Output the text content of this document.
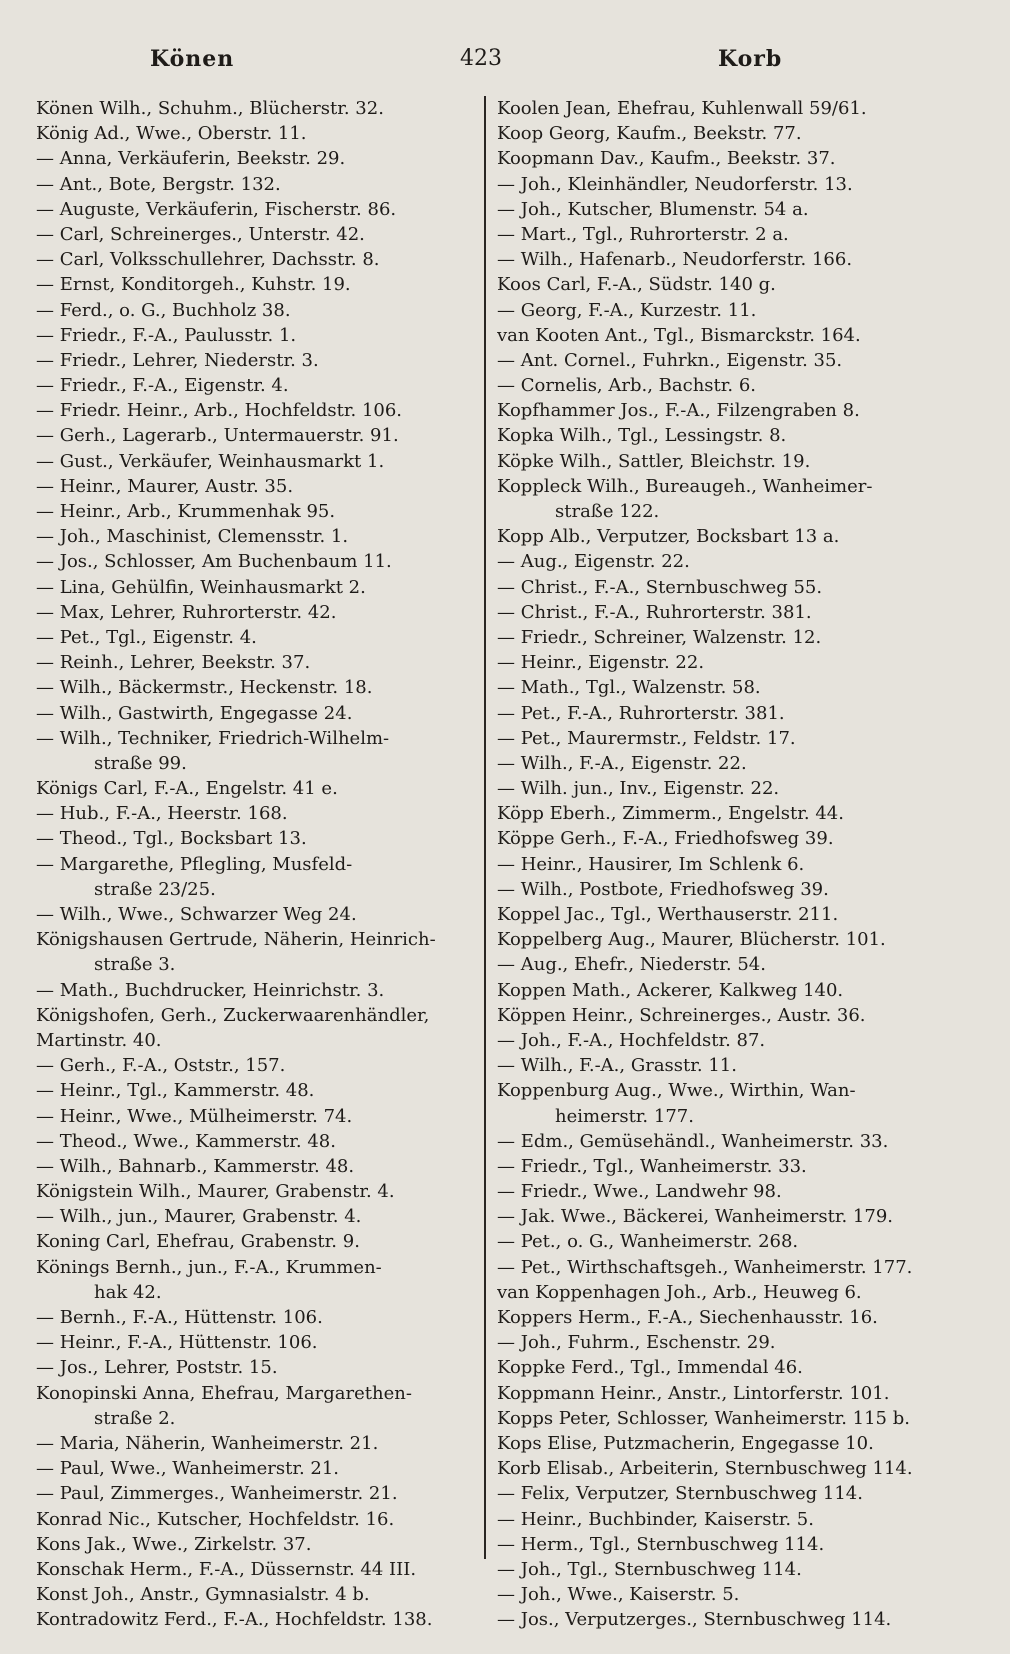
Könen	423	Korb
Könen Wilh., Schuhm., Blücherstr. 32.
König Ad., Wwe., Oberstr. 11.
— Anna, Verkäuferin, Beekstr. 29.
— Ant., Bote, Bergstr. 132.
— Auguste, Verkäuferin, Fischerstr. 86.
— Carl, Schreinerges., Unterstr. 42.
— Carl, Volksschullehrer, Dachsstr. 8.
— Ernst, Konditorgeh., Kuhstr. 19.
— Ferd., o. G., Buchholz 38.
— Friedr., F.-A., Paulusstr. 1.
— Friedr., Lehrer, Niederstr. 3.
— Friedr., F.-A., Eigenstr. 4.
— Friedr. Heinr., Arb., Hochfeldstr. 106.
— Gerh., Lagerarb., Untermauerstr. 91.
— Gust., Verkäufer, Weinhausmarkt 1.
— Heinr., Maurer, Austr. 35.
— Heinr., Arb., Krummenhak 95.
— Joh., Maschinist, Clemensstr. 1.
— Jos., Schlosser, Am Buchenbaum 11.
— Lina, Gehülfin, Weinhausmarkt 2.
— Max, Lehrer, Ruhrorterstr. 42.
— Pet., Tgl., Eigenstr. 4.
— Reinh., Lehrer, Beekstr. 37.
— Wilh., Bäckermstr., Heckenstr. 18.
— Wilh., Gastwirth, Engegasse 24.
— Wilh., Techniker, Friedrich-Wilhelm-
straße 99.
Königs Carl, F.-A., Engelstr. 41 e.
— Hub., F.-A., Heerstr. 168.
— Theod., Tgl., Bocksbart 13.
— Margarethe, Pflegling, Musfeld-
straße 23/25.
— Wilh., Wwe., Schwarzer Weg 24.
Königshausen Gertrude, Näherin, Heinrich-
straße 3.
— Math., Buchdrucker, Heinrichstr. 3.
Königshofen, Gerh., Zuckerwaarenhändler,
Martinstr. 40.
— Gerh., F.-A., Oststr., 157.
— Heinr., Tgl., Kammerstr. 48.
— Heinr., Wwe., Mülheimerstr. 74.
— Theod., Wwe., Kammerstr. 48.
— Wilh., Bahnarb., Kammerstr. 48.
Königstein Wilh., Maurer, Grabenstr. 4.
— Wilh., jun., Maurer, Grabenstr. 4.
Koning Carl, Ehefrau, Grabenstr. 9.
Könings Bernh., jun., F.-A., Krummen-
hak 42.
— Bernh., F.-A., Hüttenstr. 106.
— Heinr., F.-A., Hüttenstr. 106.
— Jos., Lehrer, Poststr. 15.
Konopinski Anna, Ehefrau, Margarethen-
straße 2.
— Maria, Näherin, Wanheimerstr. 21.
— Paul, Wwe., Wanheimerstr. 21.
— Paul, Zimmerges., Wanheimerstr. 21.
Konrad Nic., Kutscher, Hochfeldstr. 16.
Kons Jak., Wwe., Zirkelstr. 37.
Konschak Herm., F.-A., Düssernstr. 44 III.
Konst Joh., Anstr., Gymnasialstr. 4 b.
Kontradowitz Ferd., F.-A., Hochfeldstr. 138.
Koolen Jean, Ehefrau, Kuhlenwall 59/61.
Koop Georg, Kaufm., Beekstr. 77.
Koopmann Dav., Kaufm., Beekstr. 37.
— Joh., Kleinhändler, Neudorferstr. 13.
— Joh., Kutscher, Blumenstr. 54 a.
— Mart., Tgl., Ruhrorterstr. 2 a.
— Wilh., Hafenarb., Neudorferstr. 166.
Koos Carl, F.-A., Südstr. 140 g.
— Georg, F.-A., Kurzestr. 11.
van Kooten Ant., Tgl., Bismarckstr. 164.
— Ant. Cornel., Fuhrkn., Eigenstr. 35.
— Cornelis, Arb., Bachstr. 6.
Kopfhammer Jos., F.-A., Filzengraben 8.
Kopka Wilh., Tgl., Lessingstr. 8.
Köpke Wilh., Sattler, Bleichstr. 19.
Koppleck Wilh., Bureaugeh., Wanheimer-
straße 122.
Kopp Alb., Verputzer, Bocksbart 13 a.
— Aug., Eigenstr. 22.
— Christ., F.-A., Sternbuschweg 55.
— Christ., F.-A., Ruhrorterstr. 381.
— Friedr., Schreiner, Walzenstr. 12.
— Heinr., Eigenstr. 22.
— Math., Tgl., Walzenstr. 58.
— Pet., F.-A., Ruhrorterstr. 381.
— Pet., Maurermstr., Feldstr. 17.
— Wilh., F.-A., Eigenstr. 22.
— Wilh. jun., Inv., Eigenstr. 22.
Köpp Eberh., Zimmerm., Engelstr. 44.
Köppe Gerh., F.-A., Friedhofsweg 39.
— Heinr., Hausirer, Im Schlenk 6.
— Wilh., Postbote, Friedhofsweg 39.
Koppel Jac., Tgl., Werthauserstr. 211.
Koppelberg Aug., Maurer, Blücherstr. 101.
— Aug., Ehefr., Niederstr. 54.
Koppen Math., Ackerer, Kalkweg 140.
Köppen Heinr., Schreinerges., Austr. 36.
— Joh., F.-A., Hochfeldstr. 87.
— Wilh., F.-A., Grasstr. 11.
Koppenburg Aug., Wwe., Wirthin, Wan-
heimerstr. 177.
— Edm., Gemüsehändl., Wanheimerstr. 33.
— Friedr., Tgl., Wanheimerstr. 33.
— Friedr., Wwe., Landwehr 98.
— Jak. Wwe., Bäckerei, Wanheimerstr. 179.
— Pet., o. G., Wanheimerstr. 268.
— Pet., Wirthschaftsgeh., Wanheimerstr. 177.
van Koppenhagen Joh., Arb., Heuweg 6.
Koppers Herm., F.-A., Siechenhausstr. 16.
— Joh., Fuhrm., Eschenstr. 29.
Koppke Ferd., Tgl., Immendal 46.
Koppmann Heinr., Anstr., Lintorferstr. 101.
Kopps Peter, Schlosser, Wanheimerstr. 115 b.
Kops Elise, Putzmacherin, Engegasse 10.
Korb Elisab., Arbeiterin, Sternbuschweg 114.
— Felix, Verputzer, Sternbuschweg 114.
— Heinr., Buchbinder, Kaiserstr. 5.
— Herm., Tgl., Sternbuschweg 114.
— Joh., Tgl., Sternbuschweg 114.
— Joh., Wwe., Kaiserstr. 5.
— Jos., Verputzerges., Sternbuschweg 114.
